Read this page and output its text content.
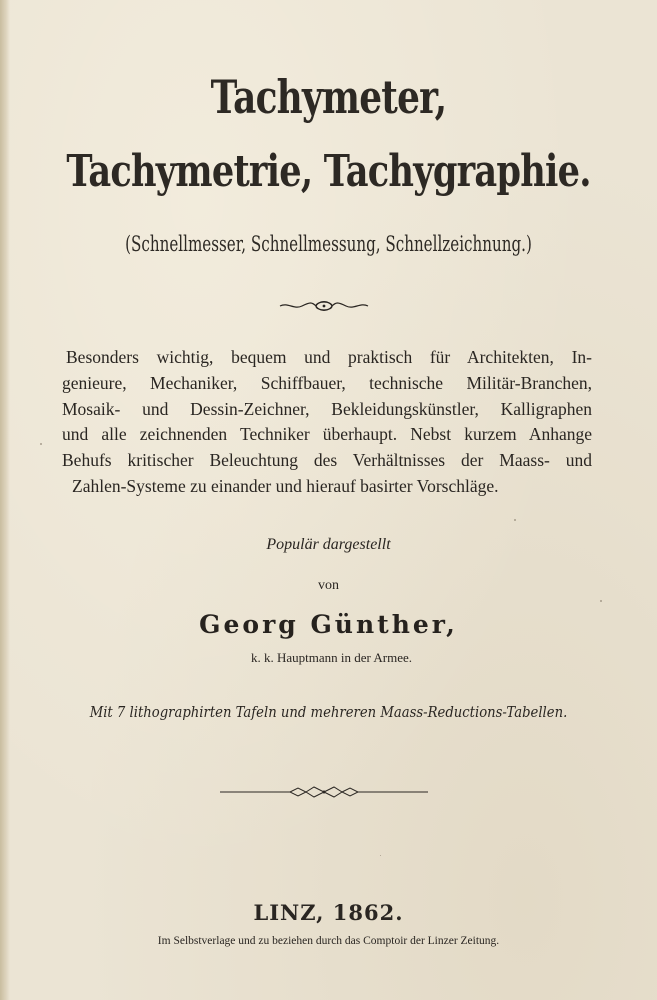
Tachymeter,
Tachymetrie, Tachygraphie.
(Schnellmesser, Schnellmessung, Schnellzeichnung.)
Besonders wichtig, bequem und praktisch für Architekten, In-
genieure, Mechaniker, Schiffbauer, technische Militär-Branchen,
Mosaik- und Dessin-Zeichner, Bekleidungskünstler, Kalligraphen
und alle zeichnenden Techniker überhaupt. Nebst kurzem Anhange
Behufs kritischer Beleuchtung des Verhältnisses der Maass- und
Zahlen-Systeme zu einander und hierauf basirter Vorschläge.
Populär dargestellt
von
Georg Günther,
k. k. Hauptmann in der Armee.
Mit 7 lithographirten Tafeln und mehreren Maass-Reductions-Tabellen.
LINZ, 1862.
Im Selbstverlage und zu beziehen durch das Comptoir der Linzer Zeitung.
